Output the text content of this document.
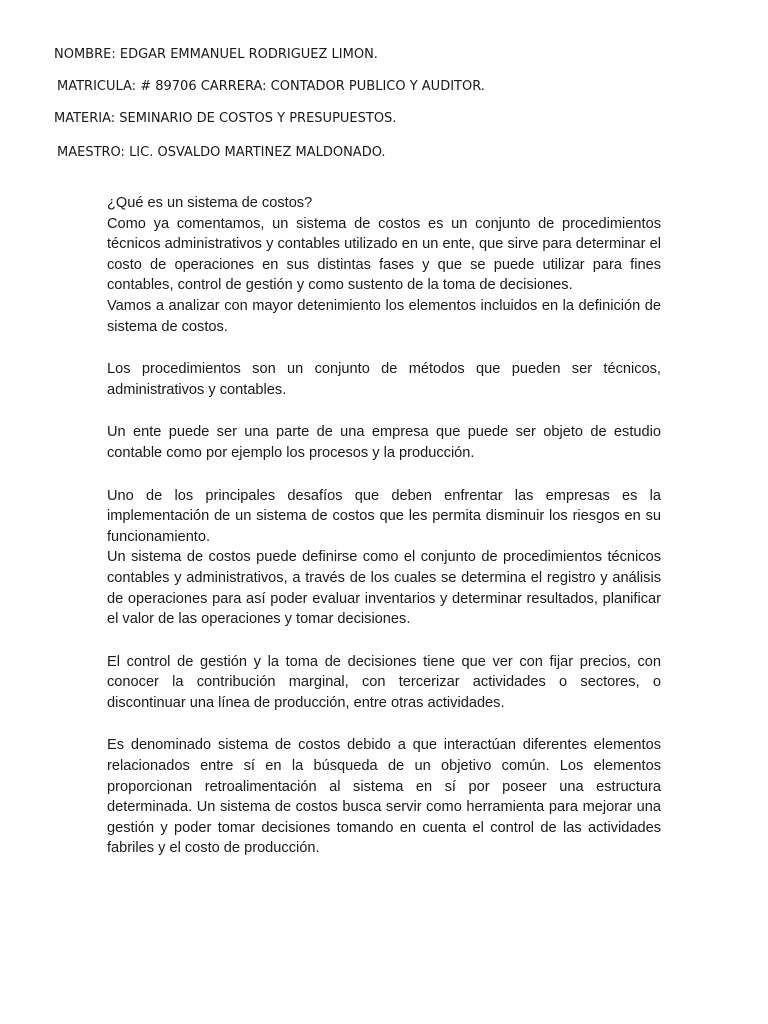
NOMBRE: EDGAR EMMANUEL RODRIGUEZ LIMON.
MATRICULA: # 89706 CARRERA: CONTADOR PUBLICO Y AUDITOR.
MATERIA: SEMINARIO DE COSTOS Y PRESUPUESTOS.
MAESTRO: LIC. OSVALDO MARTINEZ MALDONADO.

¿Qué es un sistema de costos?

Como ya comentamos, un sistema de costos es un conjunto de procedimientos técnicos administrativos y contables utilizado en un ente, que sirve para determinar el costo de operaciones en sus distintas fases y que se puede utilizar para fines contables, control de gestión y como sustento de la toma de decisiones.

Vamos a analizar con mayor detenimiento los elementos incluidos en la definición de sistema de costos.

Los procedimientos son un conjunto de métodos que pueden ser técnicos, administrativos y contables.

Un ente puede ser una parte de una empresa que puede ser objeto de estudio contable como por ejemplo los procesos y la producción.

Uno de los principales desafíos que deben enfrentar las empresas es la implementación de un sistema de costos que les permita disminuir los riesgos en su funcionamiento.

Un sistema de costos puede definirse como el conjunto de procedimientos técnicos contables y administrativos, a través de los cuales se determina el registro y análisis de operaciones para así poder evaluar inventarios y determinar resultados, planificar el valor de las operaciones y tomar decisiones.

El control de gestión y la toma de decisiones tiene que ver con fijar precios, con conocer la contribución marginal, con tercerizar actividades o sectores, o discontinuar una línea de producción, entre otras actividades.

Es denominado sistema de costos debido a que interactúan diferentes elementos relacionados entre sí en la búsqueda de un objetivo común. Los elementos proporcionan retroalimentación al sistema en sí por poseer una estructura determinada. Un sistema de costos busca servir como herramienta para mejorar una gestión y poder tomar decisiones tomando en cuenta el control de las actividades fabriles y el costo de producción.
